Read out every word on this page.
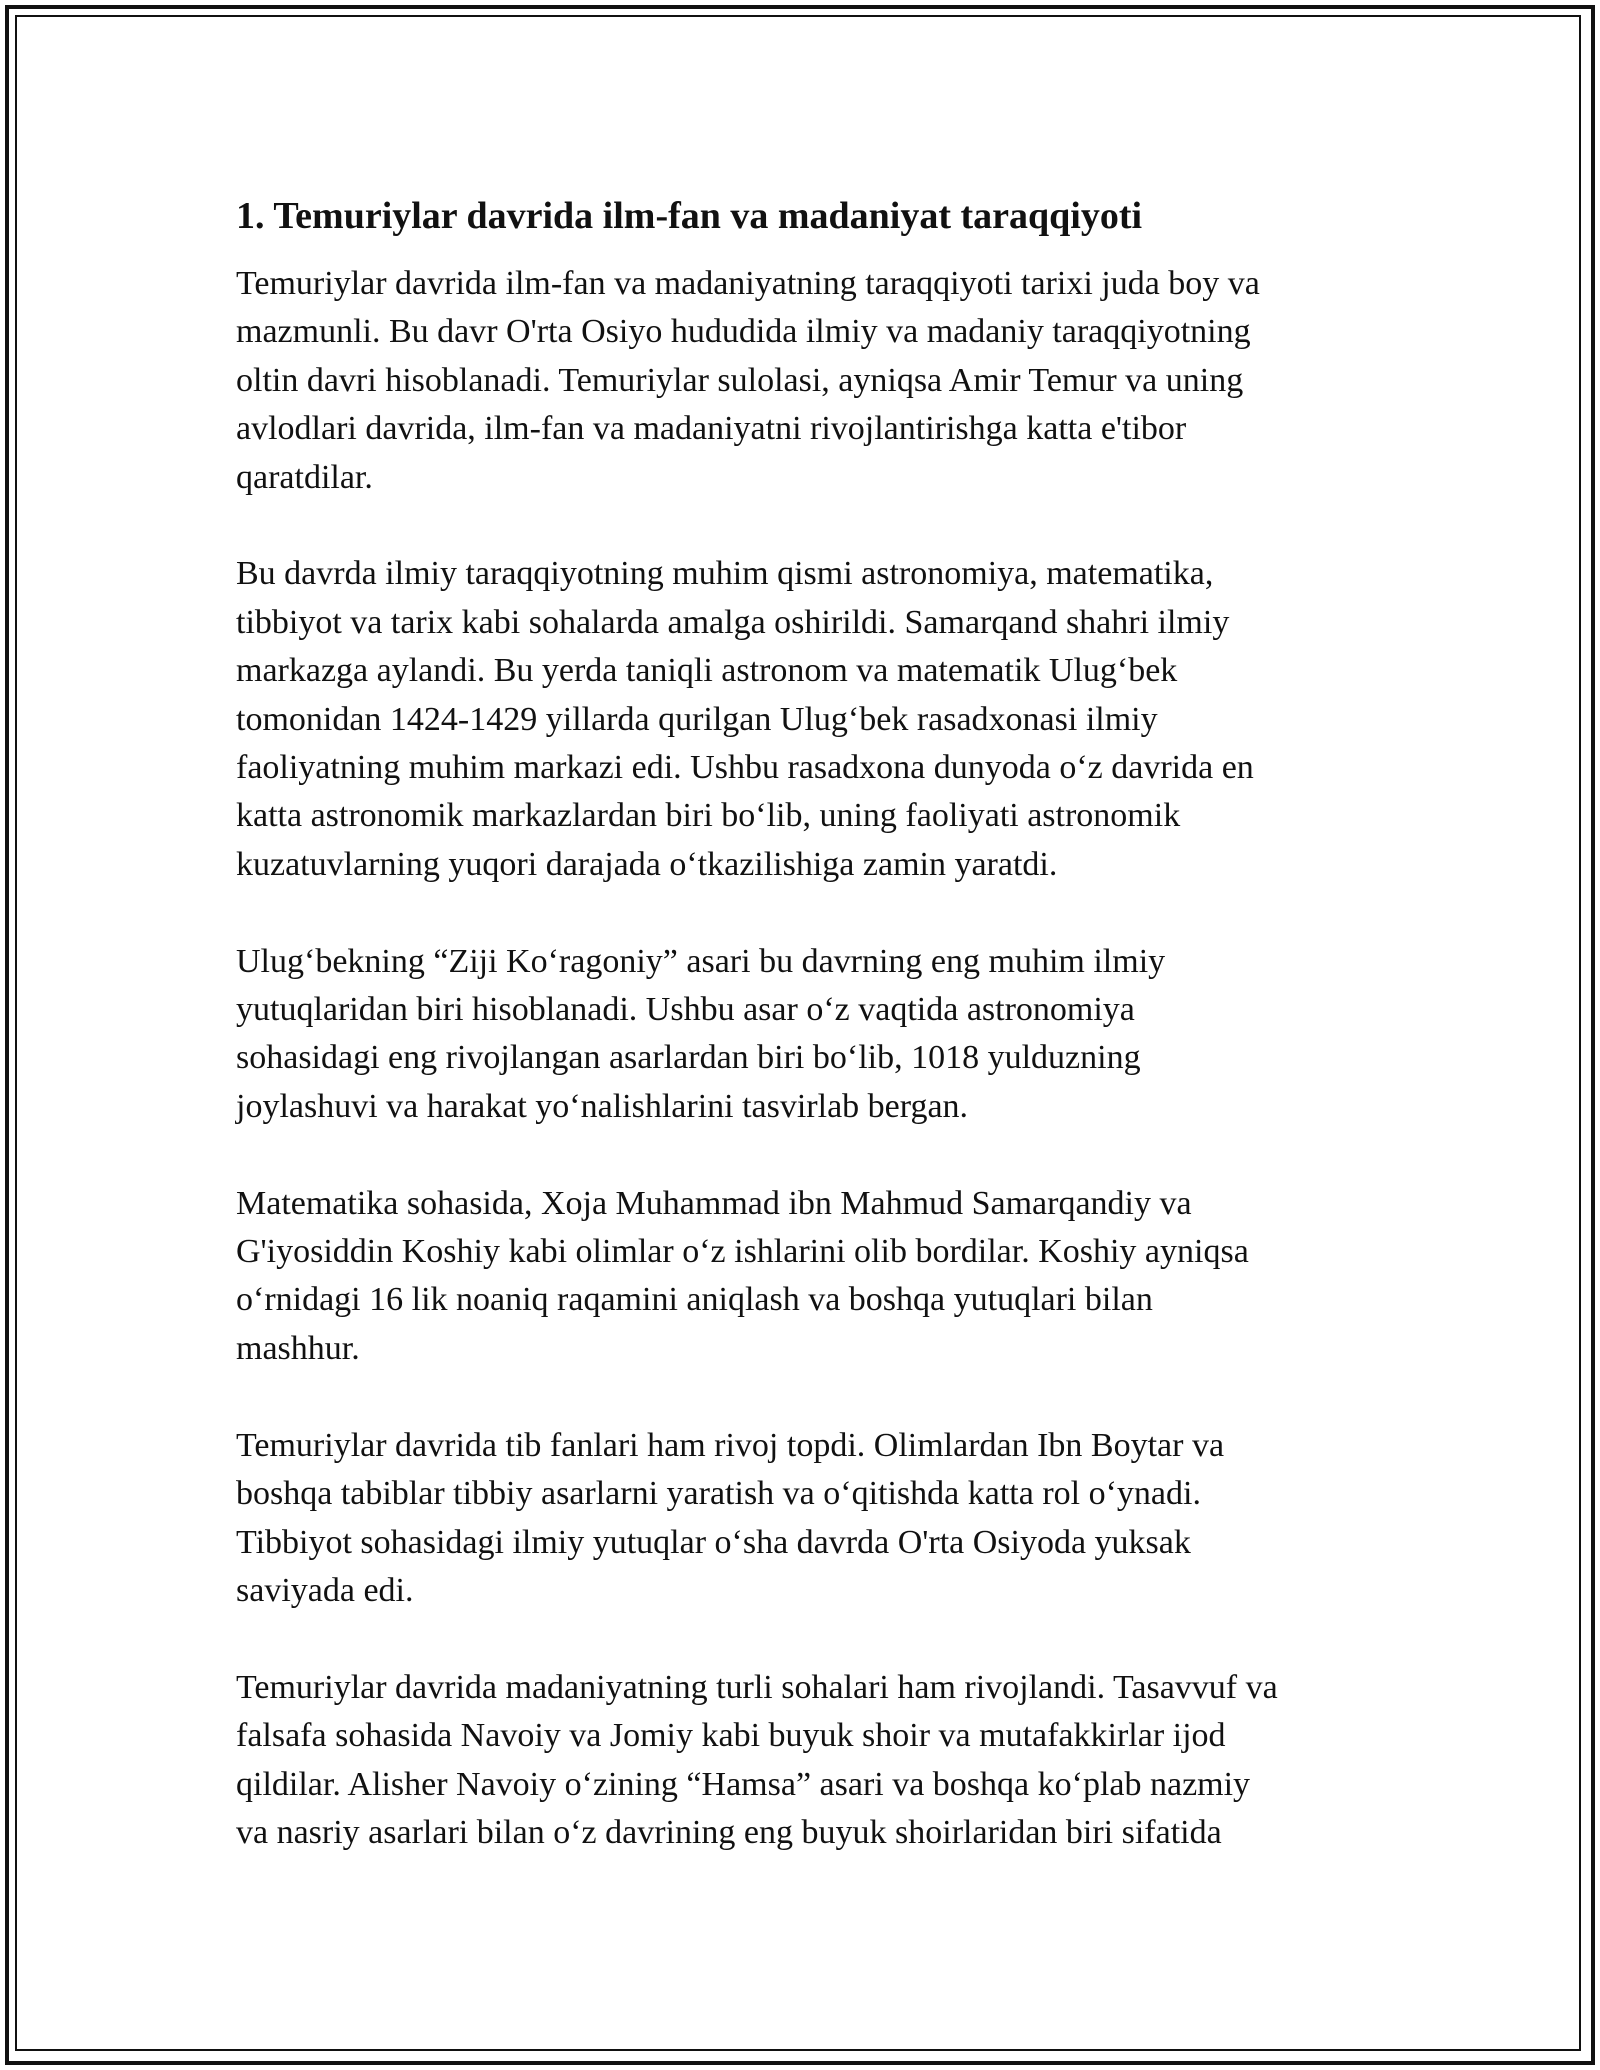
1. Temuriylar davrida ilm-fan va madaniyat taraqqiyoti
Temuriylar davrida ilm-fan va madaniyatning taraqqiyoti tarixi juda boy va
mazmunli. Bu davr O'rta Osiyo hududida ilmiy va madaniy taraqqiyotning
oltin davri hisoblanadi. Temuriylar sulolasi, ayniqsa Amir Temur va uning
avlodlari davrida, ilm-fan va madaniyatni rivojlantirishga katta e'tibor
qaratdilar.
Bu davrda ilmiy taraqqiyotning muhim qismi astronomiya, matematika,
tibbiyot va tarix kabi sohalarda amalga oshirildi. Samarqand shahri ilmiy
markazga aylandi. Bu yerda taniqli astronom va matematik Ulug‘bek
tomonidan 1424-1429 yillarda qurilgan Ulug‘bek rasadxonasi ilmiy
faoliyatning muhim markazi edi. Ushbu rasadxona dunyoda o‘z davrida en
katta astronomik markazlardan biri bo‘lib, uning faoliyati astronomik
kuzatuvlarning yuqori darajada o‘tkazilishiga zamin yaratdi.
Ulug‘bekning “Ziji Ko‘ragoniy” asari bu davrning eng muhim ilmiy
yutuqlaridan biri hisoblanadi. Ushbu asar o‘z vaqtida astronomiya
sohasidagi eng rivojlangan asarlardan biri bo‘lib, 1018 yulduzning
joylashuvi va harakat yo‘nalishlarini tasvirlab bergan.
Matematika sohasida, Xoja Muhammad ibn Mahmud Samarqandiy va
G'iyosiddin Koshiy kabi olimlar o‘z ishlarini olib bordilar. Koshiy ayniqsa
o‘rnidagi 16 lik noaniq raqamini aniqlash va boshqa yutuqlari bilan
mashhur.
Temuriylar davrida tib fanlari ham rivoj topdi. Olimlardan Ibn Boytar va
boshqa tabiblar tibbiy asarlarni yaratish va o‘qitishda katta rol o‘ynadi.
Tibbiyot sohasidagi ilmiy yutuqlar o‘sha davrda O'rta Osiyoda yuksak
saviyada edi.
Temuriylar davrida madaniyatning turli sohalari ham rivojlandi. Tasavvuf va
falsafa sohasida Navoiy va Jomiy kabi buyuk shoir va mutafakkirlar ijod
qildilar. Alisher Navoiy o‘zining “Hamsa” asari va boshqa ko‘plab nazmiy
va nasriy asarlari bilan o‘z davrining eng buyuk shoirlaridan biri sifatida
